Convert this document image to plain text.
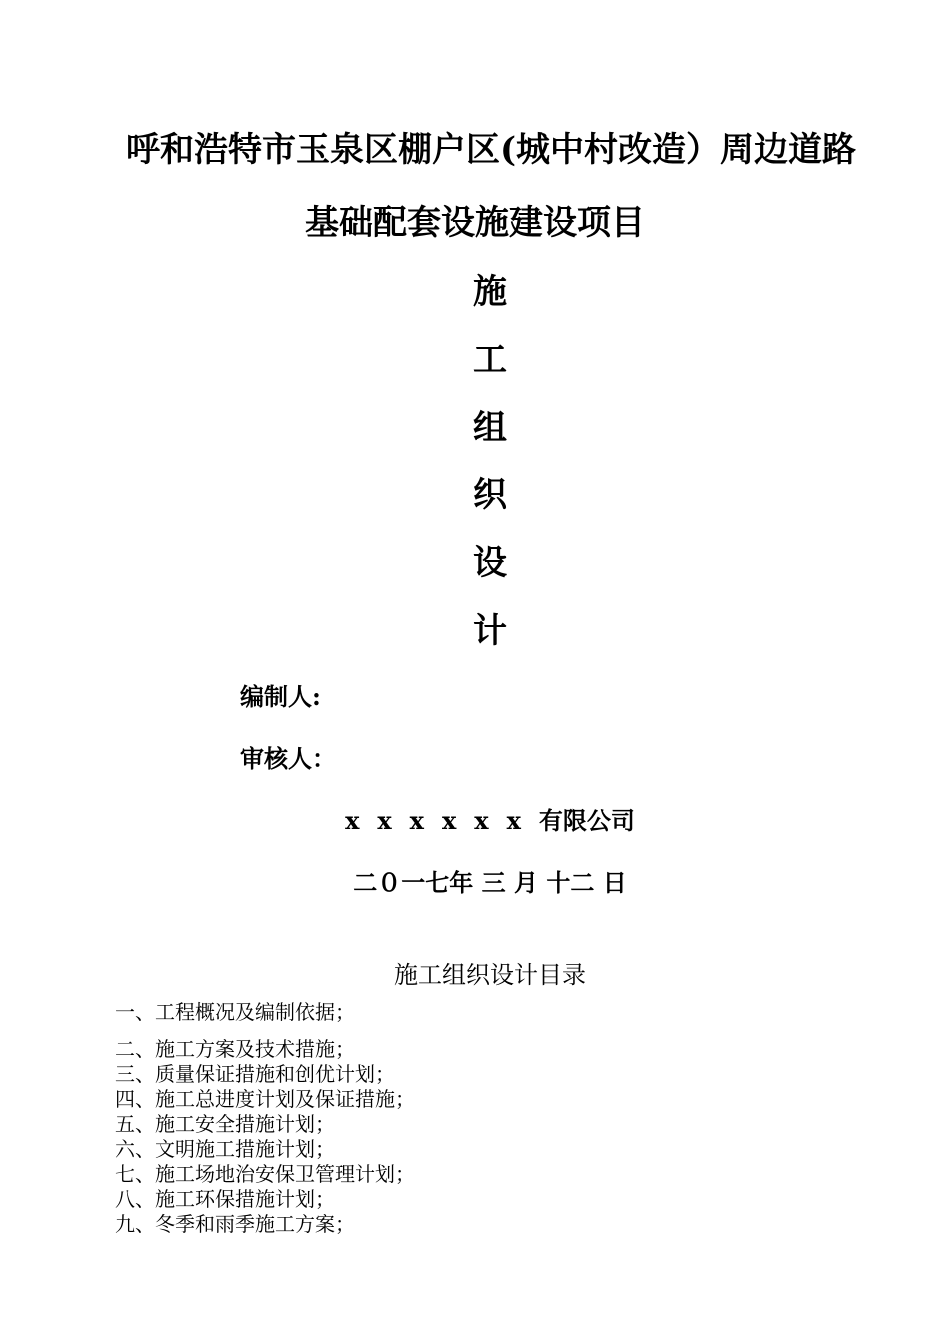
呼和浩特市玉泉区棚户区(城中村改造）周边道路
基础配套设施建设项目
施
工
组
织
设
计
编制人:
审核人：
xxxxxx有限公司
二０一七年 三 月 十二 日
施工组织设计目录
一、工程概况及编制依据；
二、施工方案及技术措施；
三、质量保证措施和创优计划；
四、施工总进度计划及保证措施；
五、施工安全措施计划；
六、文明施工措施计划；
七、施工场地治安保卫管理计划；
八、施工环保措施计划；
九、冬季和雨季施工方案；
